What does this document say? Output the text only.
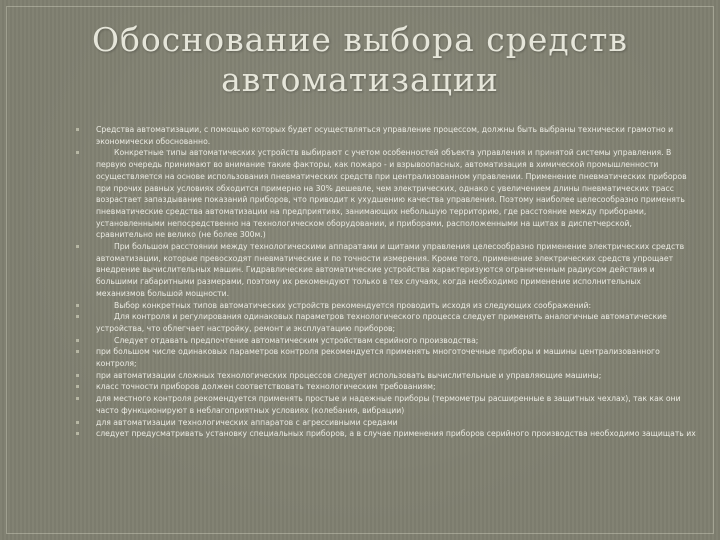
Обоснование выбора средств автоматизации

Средства автоматизации, с помощью которых будет осуществляться управление процессом, должны быть выбраны технически грамотно и экономически обоснованно.

Конкретные типы автоматических устройств выбирают с учетом особенностей объекта управления и принятой системы управления. В первую очередь принимают во внимание такие факторы, как пожаро - и взрывоопасных, автоматизация в химической промышленности осуществляется на основе использования пневматических средств при централизованном управлении. Применение пневматических приборов при прочих равных условиях обходится примерно на 30% дешевле, чем электрических, однако с увеличением длины пневматических трасс возрастает запаздывание показаний приборов, что приводит к ухудшению качества управления. Поэтому наиболее целесообразно применять пневматические средства автоматизации на предприятиях, занимающих небольшую территорию, где расстояние между приборами, установленными непосредственно на технологическом оборудовании, и приборами, расположенными на щитах в диспетчерской, сравнительно не велико (не более 300м.)

При большом расстоянии между технологическими аппаратами и щитами управления целесообразно применение электрических средств автоматизации, которые превосходят пневматические и по точности измерения. Кроме того, применение электрических средств упрощает внедрение вычислительных машин. Гидравлические автоматические устройства характеризуются ограниченным радиусом действия и большими габаритными размерами, поэтому их рекомендуют только в тех случаях, когда необходимо применение исполнительных механизмов большой мощности.

Выбор конкретных типов автоматических устройств рекомендуется проводить исходя из следующих соображений:

Для контроля и регулирования одинаковых параметров технологического процесса следует применять аналогичные автоматические устройства, что облегчает настройку, ремонт и эксплуатацию приборов;

Следует отдавать предпочтение автоматическим устройствам серийного производства;

при большом числе одинаковых параметров контроля рекомендуется применять многоточечные приборы и машины централизованного контроля;

при автоматизации сложных технологических процессов следует использовать вычислительные и управляющие машины;

класс точности приборов должен соответствовать технологическим требованиям;

для местного контроля рекомендуется применять простые и надежные приборы (термометры расширенные в защитных чехлах), так как они часто функционируют в неблагоприятных условиях (колебания, вибрации)

для автоматизации технологических аппаратов с агрессивными средами

следует предусматривать установку специальных приборов, а в случае применения приборов серийного производства необходимо защищать их
